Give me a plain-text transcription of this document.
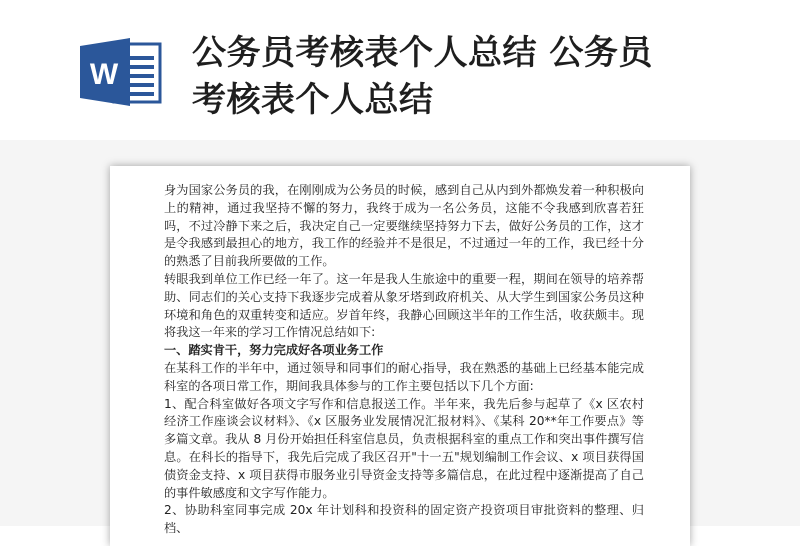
W
公务员考核表个人总结 公务员
考核表个人总结

身为国家公务员的我，在刚刚成为公务员的时候，感到自己从内到外都焕发着一种积极向上的精神，通过我坚持不懈的努力，我终于成为一名公务员，这能不令我感到欣喜若狂吗，不过冷静下来之后，我决定自己一定要继续坚持努力下去，做好公务员的工作，这才是令我感到最担心的地方，我工作的经验并不是很足，不过通过一年的工作，我已经十分的熟悉了目前我所要做的工作。

转眼我到单位工作已经一年了。这一年是我人生旅途中的重要一程，期间在领导的培养帮助、同志们的关心支持下我逐步完成着从象牙塔到政府机关、从大学生到国家公务员这种环境和角色的双重转变和适应。岁首年终，我静心回顾这半年的工作生活，收获颇丰。现将我这一年来的学习工作情况总结如下:

一、踏实肯干，努力完成好各项业务工作

在某科工作的半年中，通过领导和同事们的耐心指导，我在熟悉的基础上已经基本能完成科室的各项日常工作，期间我具体参与的工作主要包括以下几个方面:

1、配合科室做好各项文字写作和信息报送工作。半年来，我先后参与起草了《x 区农村经济工作座谈会议材料》、《x 区服务业发展情况汇报材料》、《某科 20**年工作要点》等多篇文章。我从 8 月份开始担任科室信息员，负责根据科室的重点工作和突出事件撰写信息。在科长的指导下，我先后完成了我区召开"十一五"规划编制工作会议、x 项目获得国债资金支持、x 项目获得市服务业引导资金支持等多篇信息，在此过程中逐渐提高了自己的事件敏感度和文字写作能力。

2、协助科室同事完成 20x 年计划科和投资科的固定资产投资项目审批资料的整理、归档、
